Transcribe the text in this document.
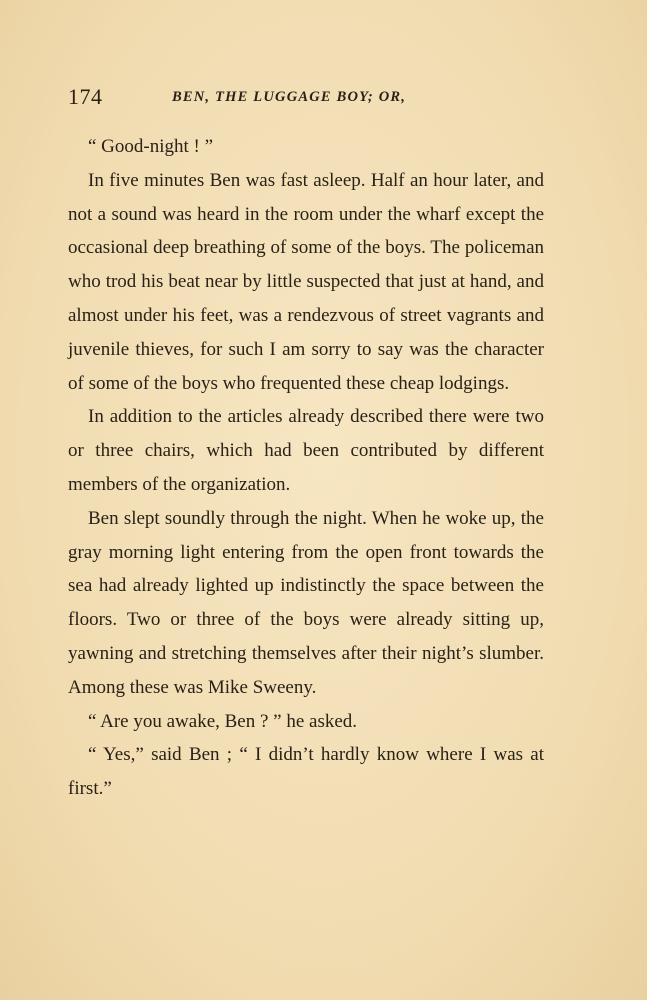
174	BEN, THE LUGGAGE BOY; OR,

“ Good-night ! ”

In five minutes Ben was fast asleep. Half an hour later, and not a sound was heard in the room under the wharf except the occasional deep breathing of some of the boys. The policeman who trod his beat near by little suspected that just at hand, and almost under his feet, was a rendezvous of street vagrants and juvenile thieves, for such I am sorry to say was the character of some of the boys who frequented these cheap lodgings.

In addition to the articles already described there were two or three chairs, which had been contributed by different members of the organization.

Ben slept soundly through the night. When he woke up, the gray morning light entering from the open front towards the sea had already lighted up indistinctly the space between the floors. Two or three of the boys were already sitting up, yawning and stretching themselves after their night’s slumber. Among these was Mike Sweeny.

“ Are you awake, Ben ? ” he asked.

“ Yes,” said Ben ; “ I didn’t hardly know where I was at first.”
